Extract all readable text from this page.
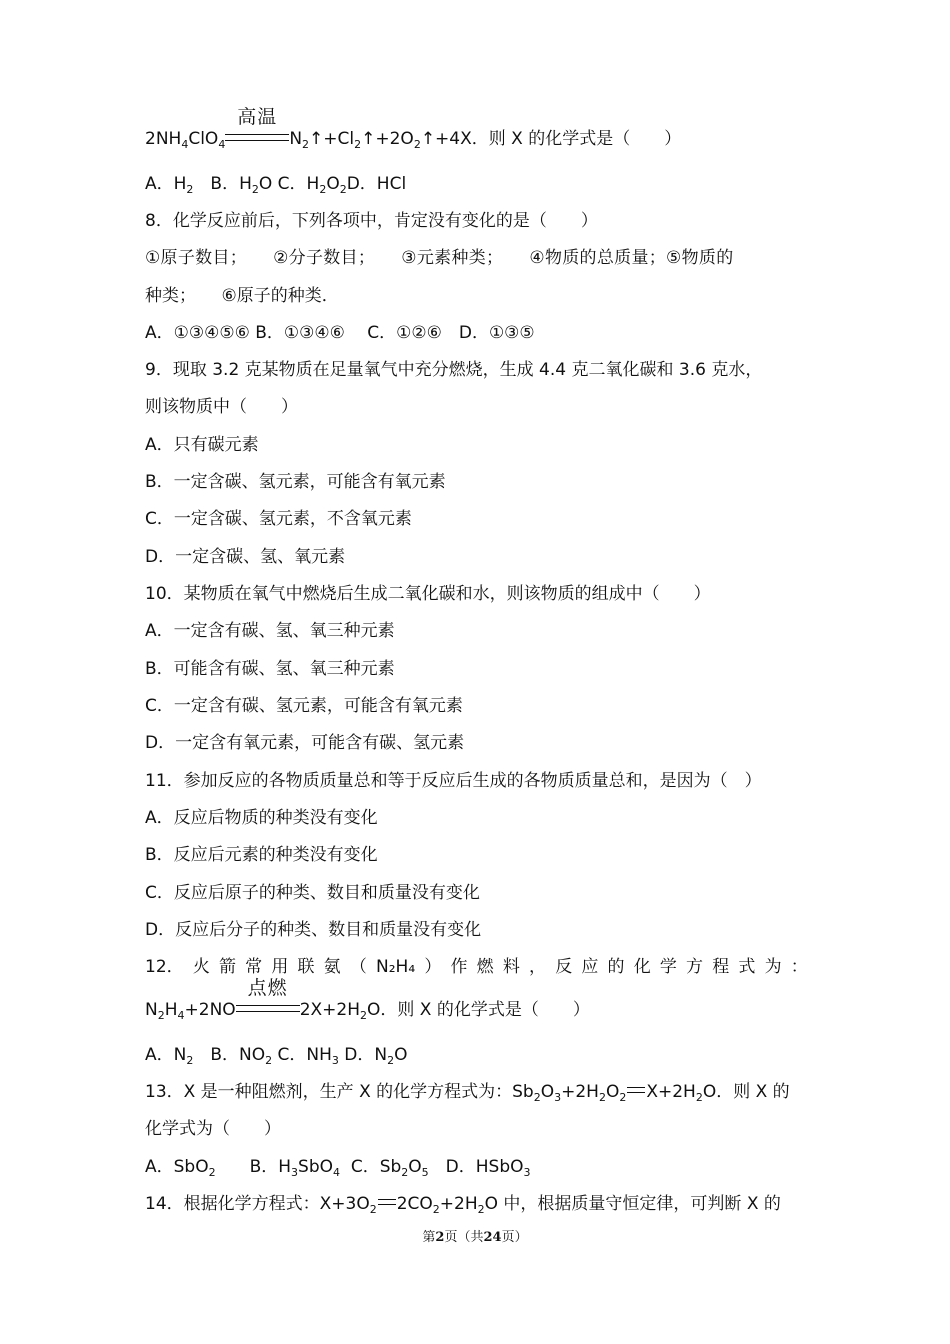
$2NH_4ClO_4$
高温
$N_2↑+Cl_2↑+2O_2↑+4X$．则 X 的化学式是（　　）
A．$H_2$　B．$H_2O$ C．$H_2O_2D$．HCl
8．化学反应前后，下列各项中，肯定没有变化的是（　　）
①原子数目；　　②分子数目；　　③元素种类；　　④物质的总质量；⑤物质的
种类；　　⑥原子的种类．
A．①③④⑤⑥ B．①③④⑥　 C．①②⑥　D．①③⑤
9．现取 3.2 克某物质在足量氧气中充分燃烧，生成 4.4 克二氧化碳和 3.6 克水，
则该物质中（　　）
A．只有碳元素
B．一定含碳、氢元素，可能含有氧元素
C．一定含碳、氢元素，不含氧元素
D．一定含碳、氢、氧元素
10．某物质在氧气中燃烧后生成二氧化碳和水，则该物质的组成中（　　）
A．一定含有碳、氢、氧三种元素
B．可能含有碳、氢、氧三种元素
C．一定含有碳、氢元素，可能含有氧元素
D．一定含有氧元素，可能含有碳、氢元素
11．参加反应的各物质质量总和等于反应后生成的各物质质量总和，是因为（　）
A．反应后物质的种类没有变化
B．反应后元素的种类没有变化
C．反应后原子的种类、数目和质量没有变化
D．反应后分子的种类、数目和质量没有变化
12． 火 箭 常 用 联 氨 （ N₂H₄ ） 作 燃 料 ， 反 应 的 化 学 方 程 式 为 ：
$N_2H_4+2NO$
点燃
$2X+2H_2O$．则 X 的化学式是（　　）
A．$N_2$　B．$NO_2$ C．$NH_3$ D．$N_2O$
13．X 是一种阻燃剂，生产 X 的化学方程式为：$Sb_2O_3+2H_2O_2$ $X+2H_2O$．则 X 的
化学式为（　　）
A．SbO$_2$　　B．$H_3SbO_4$  C．$Sb_2O_5$　D．HSbO$_3$
14．根据化学方程式：$X+3O_2$ $2CO_2+2H_2O$ 中，根据质量守恒定律，可判断 X 的
第2页（共24页）
